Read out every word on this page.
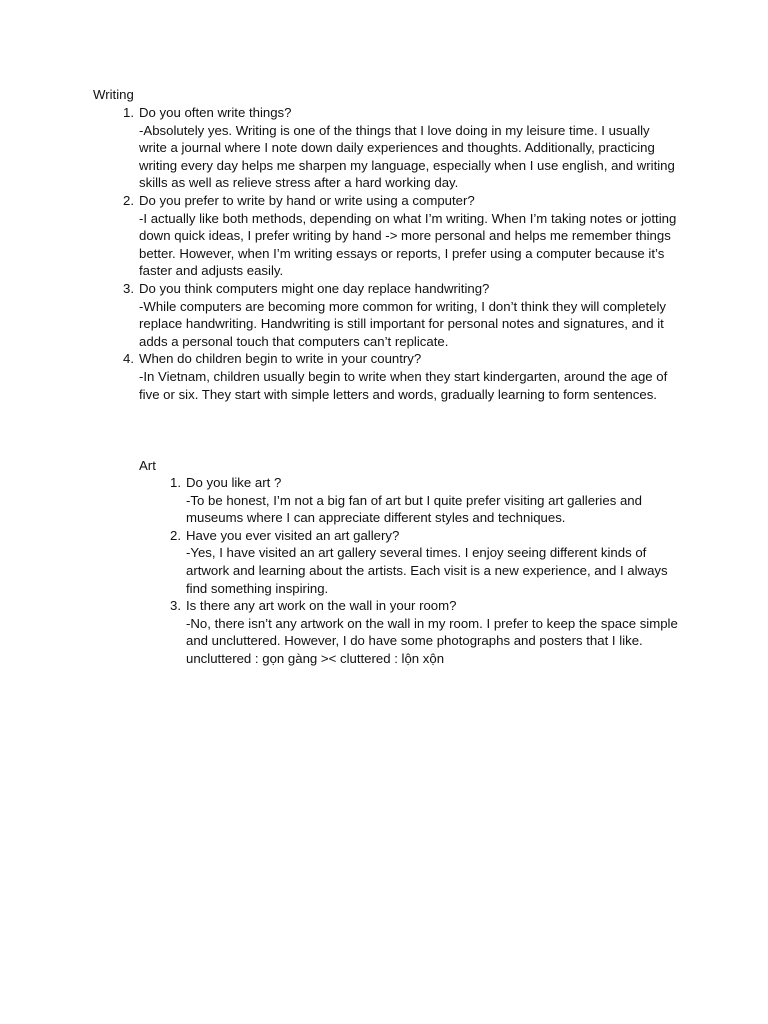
Writing
1. Do you often write things?
-Absolutely yes. Writing is one of the things that I love doing in my leisure time. I usually write a journal where I note down daily experiences and thoughts. Additionally, practicing writing every day helps me sharpen my language, especially when I use english, and writing skills as well as relieve stress after a hard working day.
2. Do you prefer to write by hand or write using a computer?
-I actually like both methods, depending on what I’m writing. When I’m taking notes or jotting down quick ideas, I prefer writing by hand -> more personal and helps me remember things better. However, when I’m writing essays or reports, I prefer using a computer because it’s faster and adjusts easily.
3. Do you think computers might one day replace handwriting?
-While computers are becoming more common for writing, I don’t think they will completely replace handwriting. Handwriting is still important for personal notes and signatures, and it adds a personal touch that computers can’t replicate.
4. When do children begin to write in your country?
-In Vietnam, children usually begin to write when they start kindergarten, around the age of five or six. They start with simple letters and words, gradually learning to form sentences.
Art
1. Do you like art ?
-To be honest, I’m not a big fan of art but I quite prefer visiting art galleries and museums where I can appreciate different styles and techniques.
2. Have you ever visited an art gallery?
-Yes, I have visited an art gallery several times. I enjoy seeing different kinds of artwork and learning about the artists. Each visit is a new experience, and I always find something inspiring.
3. Is there any art work on the wall in your room?
-No, there isn’t any artwork on the wall in my room. I prefer to keep the space simple and uncluttered. However, I do have some photographs and posters that I like.
uncluttered : gọn gàng >< cluttered : lộn xộn
